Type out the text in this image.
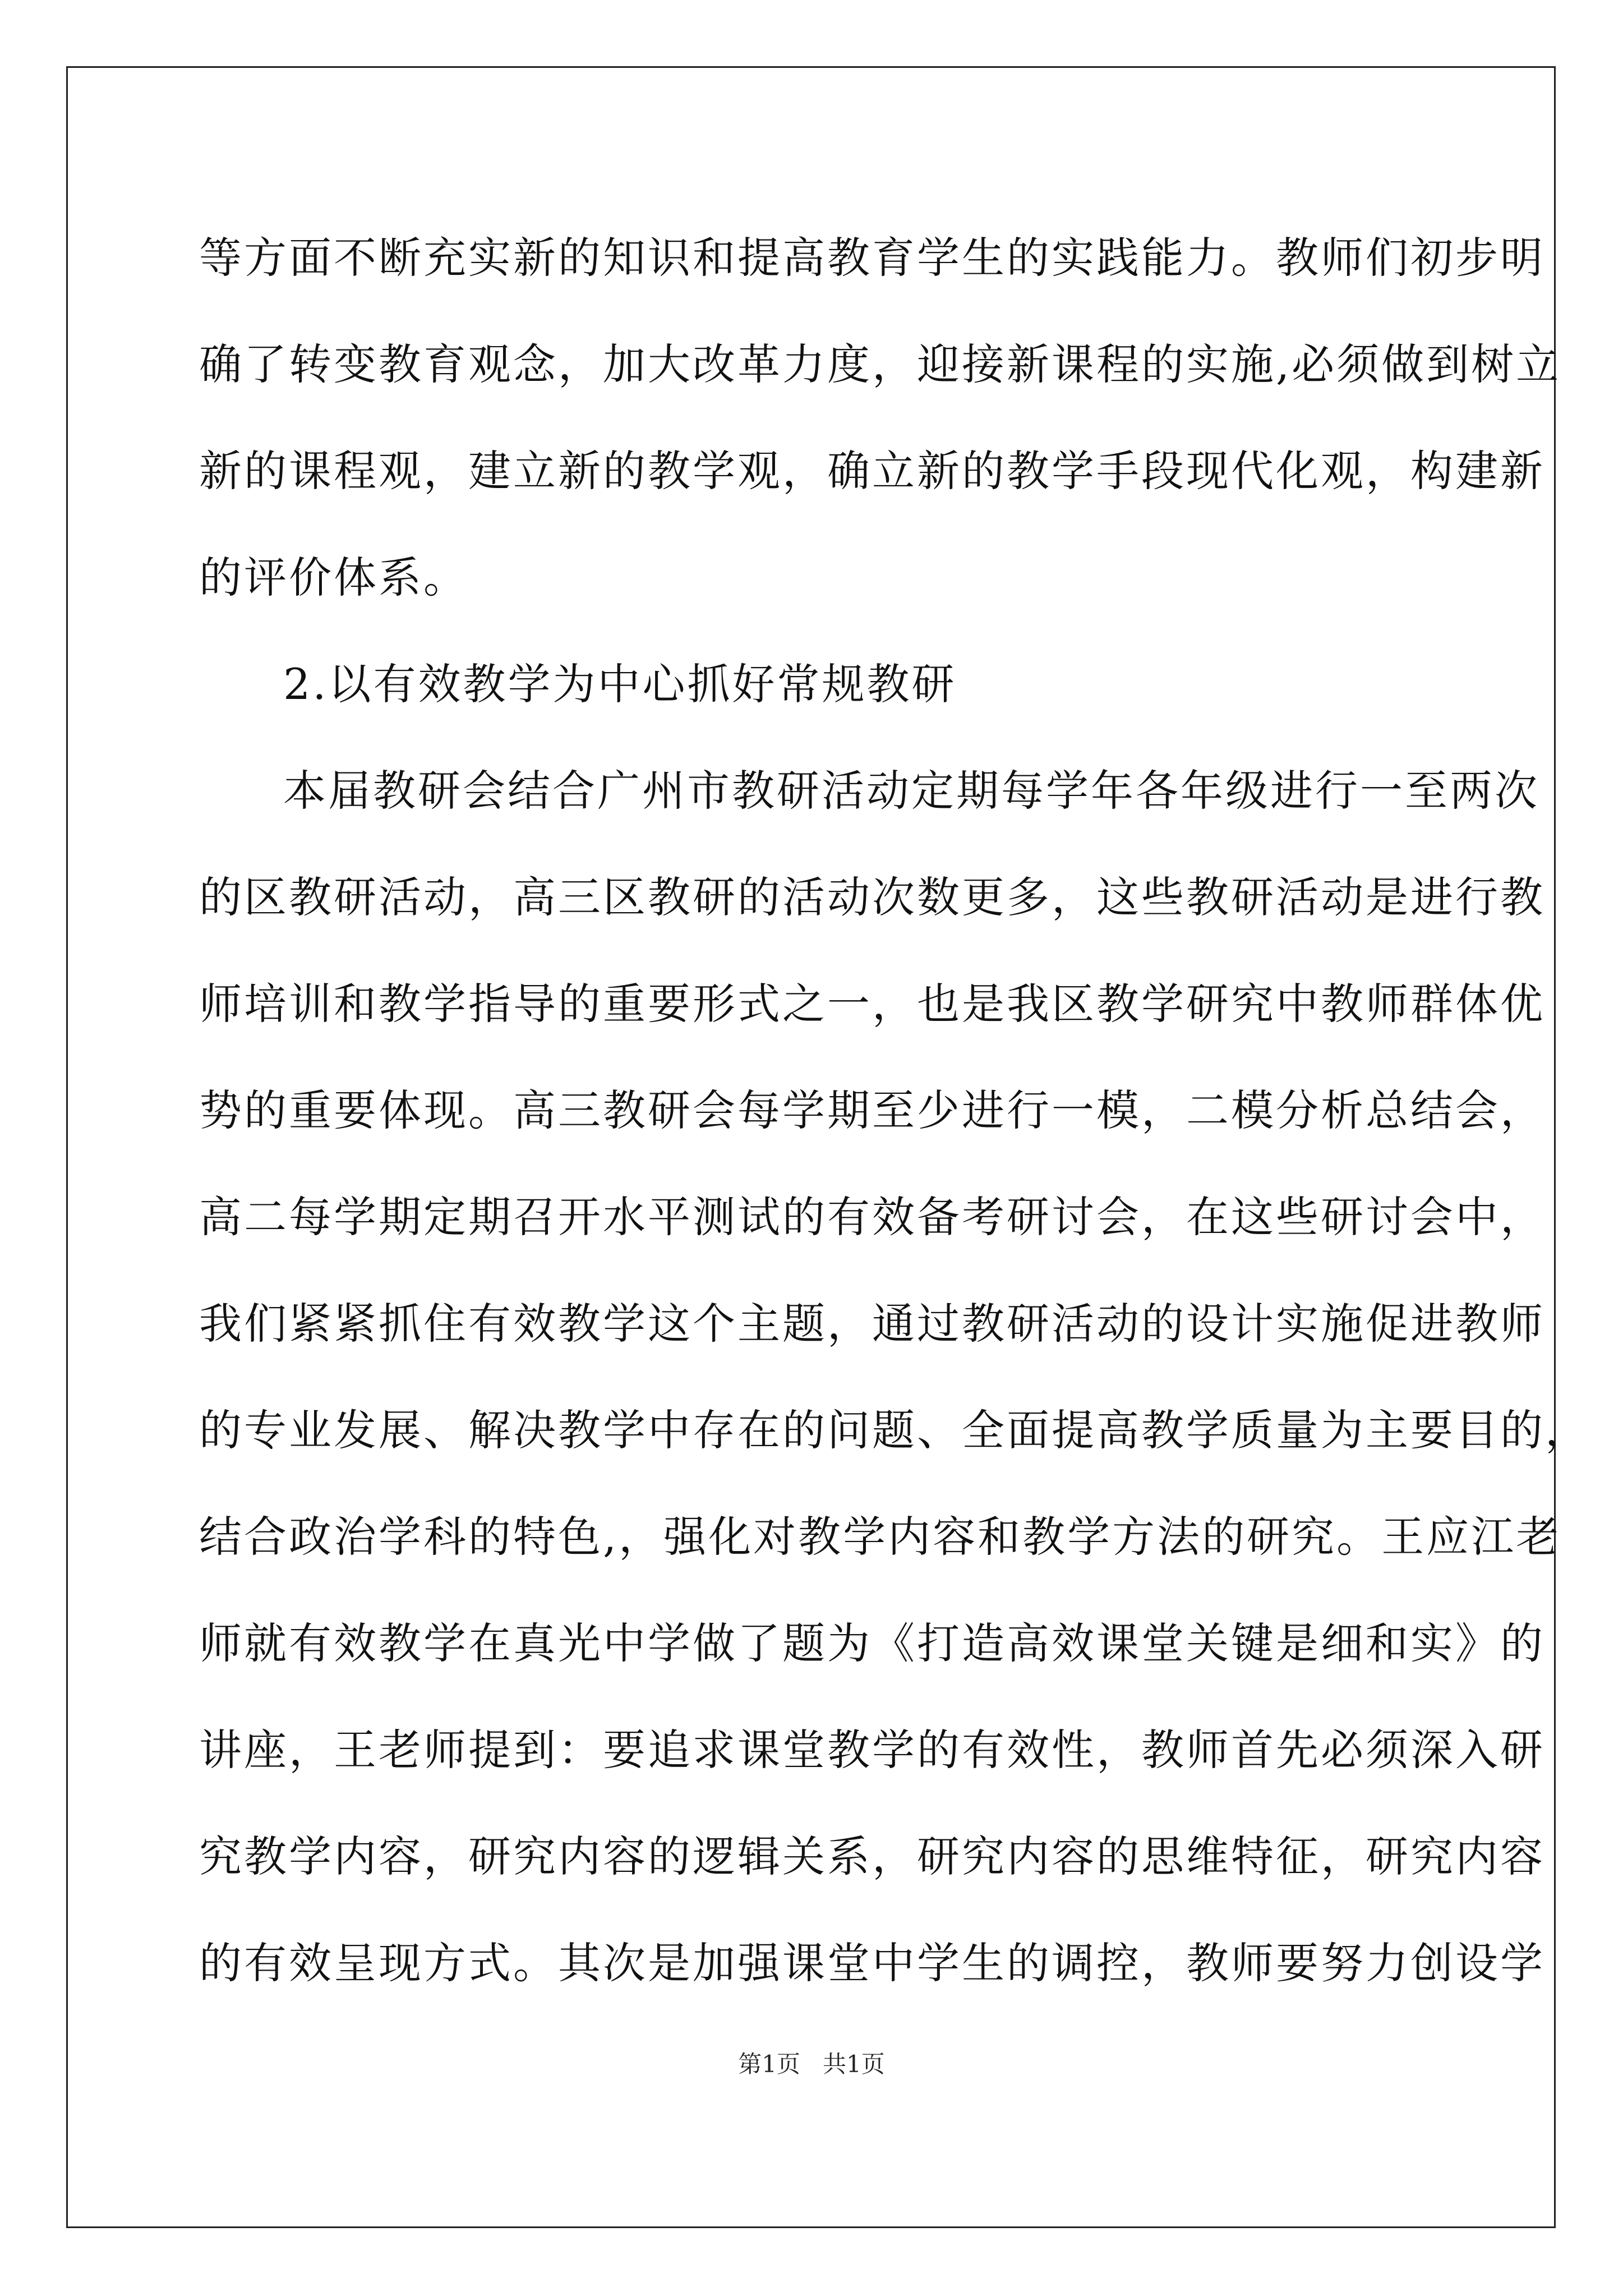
等方面不断充实新的知识和提高教育学生的实践能力。教师们初步明
确了转变教育观念，加大改革力度，迎接新课程的实施,必须做到树立
新的课程观，建立新的教学观，确立新的教学手段现代化观，构建新
的评价体系。
2.以有效教学为中心抓好常规教研
本届教研会结合广州市教研活动定期每学年各年级进行一至两次
的区教研活动，高三区教研的活动次数更多，这些教研活动是进行教
师培训和教学指导的重要形式之一，也是我区教学研究中教师群体优
势的重要体现。高三教研会每学期至少进行一模，二模分析总结会，
高二每学期定期召开水平测试的有效备考研讨会，在这些研讨会中，
我们紧紧抓住有效教学这个主题，通过教研活动的设计实施促进教师
的专业发展、解决教学中存在的问题、全面提高教学质量为主要目的，
结合政治学科的特色,，强化对教学内容和教学方法的研究。王应江老
师就有效教学在真光中学做了题为《打造高效课堂关键是细和实》的
讲座，王老师提到：要追求课堂教学的有效性，教师首先必须深入研
究教学内容，研究内容的逻辑关系，研究内容的思维特征，研究内容
的有效呈现方式。其次是加强课堂中学生的调控，教师要努力创设学
第1页   共1页
